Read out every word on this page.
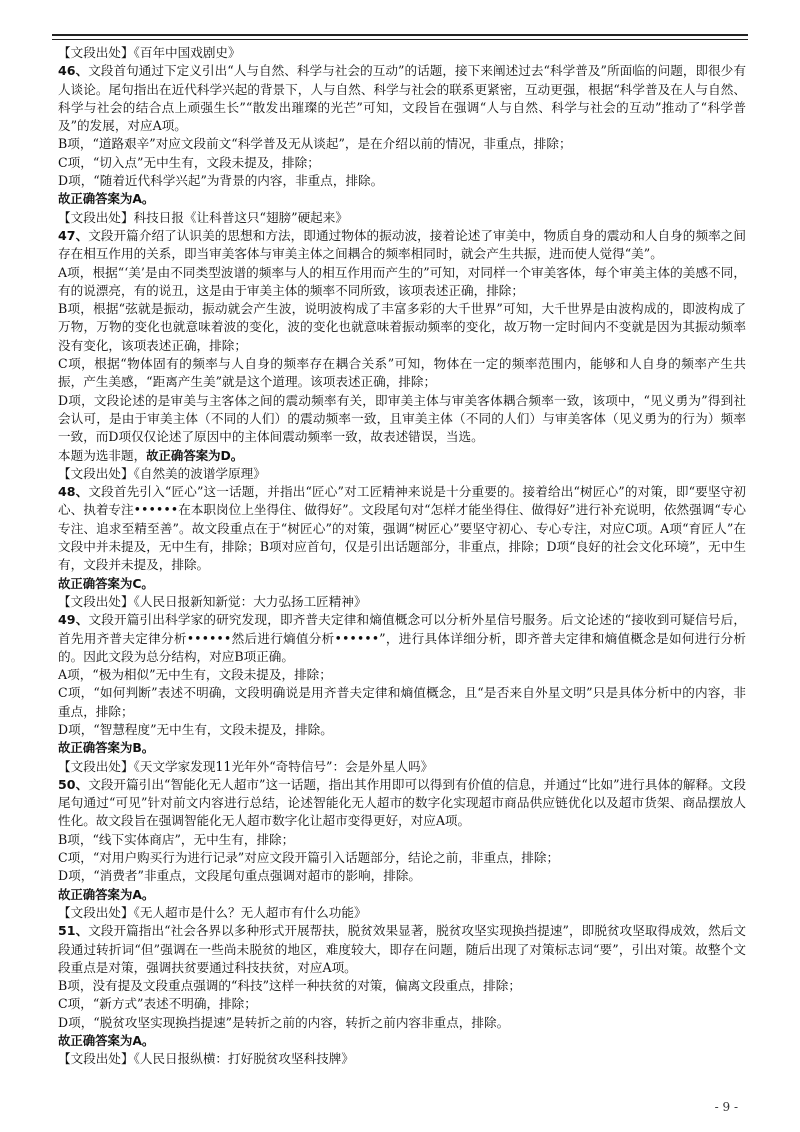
【文段出处】《百年中国戏剧史》

46、文段首句通过下定义引出“人与自然、科学与社会的互动”的话题，接下来阐述过去“科学普及”所面临的问题，即很少有人谈论。尾句指出在近代科学兴起的背景下，人与自然、科学与社会的联系更紧密，互动更强，根据“科学普及在人与自然、科学与社会的结合点上顽强生长”“散发出璀璨的光芒”可知，文段旨在强调“人与自然、科学与社会的互动”推动了“科学普及”的发展，对应A项。

B项，“道路艰辛”对应文段前文“科学普及无从谈起”，是在介绍以前的情况，非重点，排除；

C项，“切入点”无中生有，文段未提及，排除；

D项，“随着近代科学兴起”为背景的内容，非重点，排除。

故正确答案为A。

【文段出处】科技日报《让科普这只“翅膀”硬起来》

47、文段开篇介绍了认识美的思想和方法，即通过物体的振动波，接着论述了审美中，物质自身的震动和人自身的频率之间存在相互作用的关系，即当审美客体与审美主体之间耦合的频率相同时，就会产生共振，进而使人觉得“美”。

A项，根据“‘美’是由不同类型波谱的频率与人的相互作用而产生的”可知，对同样一个审美客体，每个审美主体的美感不同，有的说漂亮，有的说丑，这是由于审美主体的频率不同所致，该项表述正确，排除；

B项，根据“弦就是振动，振动就会产生波，说明波构成了丰富多彩的大千世界”可知，大千世界是由波构成的，即波构成了万物，万物的变化也就意味着波的变化，波的变化也就意味着振动频率的变化，故万物一定时间内不变就是因为其振动频率没有变化，该项表述正确，排除；

C项，根据“物体固有的频率与人自身的频率存在耦合关系”可知，物体在一定的频率范围内，能够和人自身的频率产生共振，产生美感，“距离产生美”就是这个道理。该项表述正确，排除；

D项，文段论述的是审美与主客体之间的震动频率有关，即审美主体与审美客体耦合频率一致，该项中，“见义勇为”得到社会认可，是由于审美主体（不同的人们）的震动频率一致，且审美主体（不同的人们）与审美客体（见义勇为的行为）频率一致，而D项仅仅论述了原因中的主体间震动频率一致，故表述错误，当选。

本题为选非题，故正确答案为D。

【文段出处】《自然美的波谱学原理》

48、文段首先引入“匠心”这一话题，并指出“匠心”对工匠精神来说是十分重要的。接着给出“树匠心”的对策，即“要坚守初心、执着专注••••••在本职岗位上坐得住、做得好”。文段尾句对“怎样才能坐得住、做得好”进行补充说明，依然强调“专心专注、追求至精至善”。故文段重点在于“树匠心”的对策，强调“树匠心”要坚守初心、专心专注，对应C项。A项“育匠人”在文段中并未提及，无中生有，排除；B项对应首句，仅是引出话题部分，非重点，排除；D项“良好的社会文化环境”，无中生有，文段并未提及，排除。

故正确答案为C。

【文段出处】《人民日报新知新觉：大力弘扬工匠精神》

49、文段开篇引出科学家的研究发现，即齐普夫定律和熵值概念可以分析外星信号服务。后文论述的“接收到可疑信号后，首先用齐普夫定律分析••••••然后进行熵值分析••••••”，进行具体详细分析，即齐普夫定律和熵值概念是如何进行分析的。因此文段为总分结构，对应B项正确。

A项，“极为相似”无中生有，文段未提及，排除；

C项，“如何判断”表述不明确，文段明确说是用齐普夫定律和熵值概念，且“是否来自外星文明”只是具体分析中的内容，非重点，排除；

D项，“智慧程度”无中生有，文段未提及，排除。

故正确答案为B。

【文段出处】《天文学家发现11光年外“奇特信号”：会是外星人吗》

50、文段开篇引出“智能化无人超市”这一话题，指出其作用即可以得到有价值的信息，并通过“比如”进行具体的解释。文段尾句通过“可见”针对前文内容进行总结，论述智能化无人超市的数字化实现超市商品供应链优化以及超市货架、商品摆放人性化。故文段旨在强调智能化无人超市数字化让超市变得更好，对应A项。

B项，“线下实体商店”，无中生有，排除；

C项，“对用户购买行为进行记录”对应文段开篇引入话题部分，结论之前，非重点，排除；

D项，“消费者”非重点，文段尾句重点强调对超市的影响，排除。

故正确答案为A。

【文段出处】《无人超市是什么？无人超市有什么功能》

51、文段开篇指出“社会各界以多种形式开展帮扶，脱贫效果显著，脱贫攻坚实现换挡提速”，即脱贫攻坚取得成效，然后文段通过转折词“但”强调在一些尚未脱贫的地区，难度较大，即存在问题，随后出现了对策标志词“要”，引出对策。故整个文段重点是对策，强调扶贫要通过科技扶贫，对应A项。

B项，没有提及文段重点强调的“科技”这样一种扶贫的对策，偏离文段重点，排除；

C项，“新方式”表述不明确，排除；

D项，“脱贫攻坚实现换挡提速”是转折之前的内容，转折之前内容非重点，排除。

故正确答案为A。

【文段出处】《人民日报纵横：打好脱贫攻坚科技牌》

- 9 -
